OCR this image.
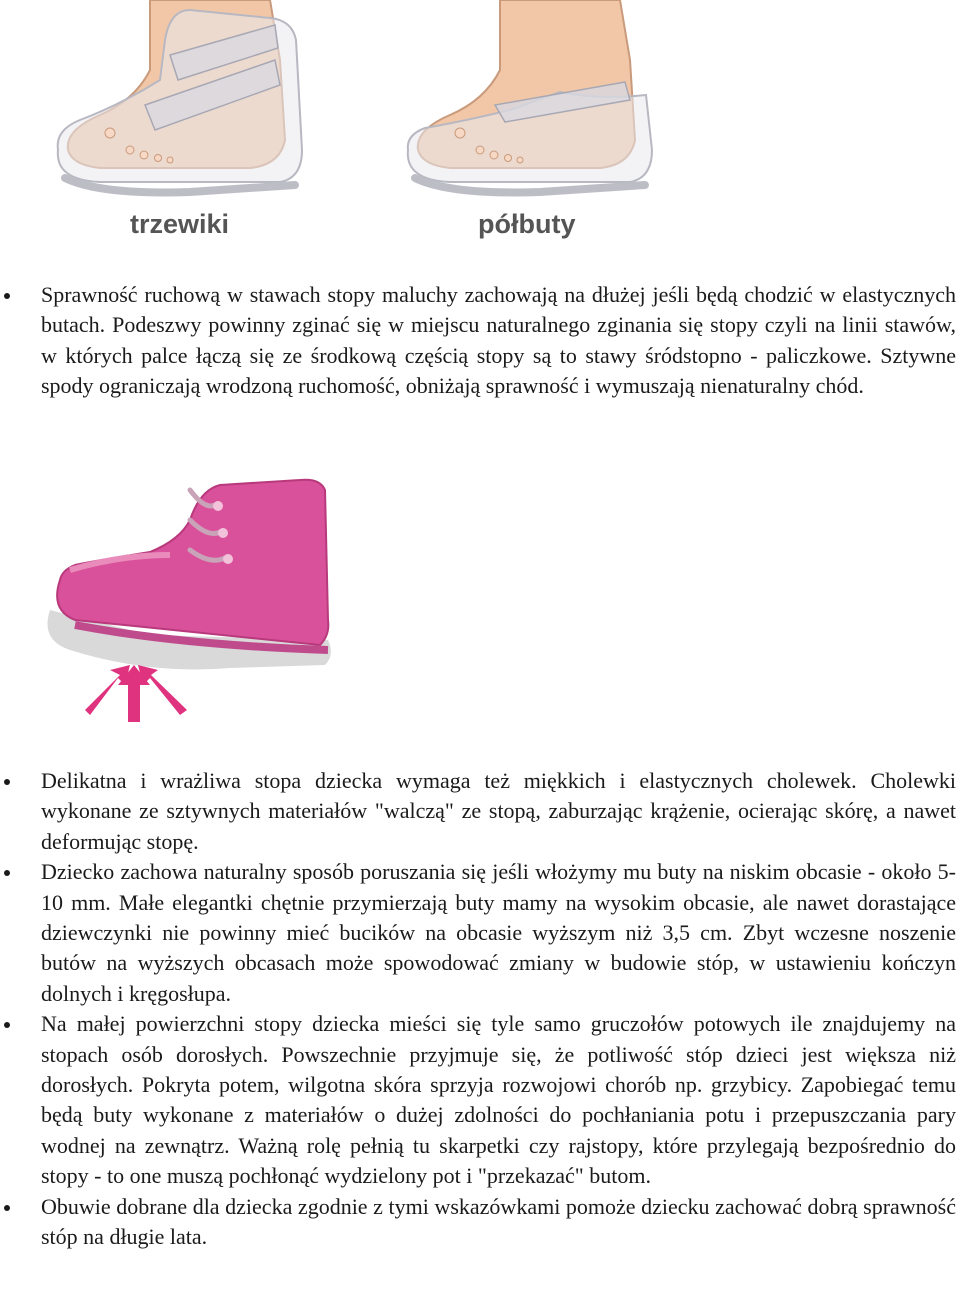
trzewiki	półbuty
Sprawność ruchową w stawach stopy maluchy zachowają na dłużej jeśli będą chodzić w elastycznych butach. Podeszwy powinny zginać się w miejscu naturalnego zginania się stopy czyli na linii stawów, w których palce łączą się ze środkową częścią stopy są to stawy śródstopno - paliczkowe. Sztywne spody ograniczają wrodzoną ruchomość, obniżają sprawność i wymuszają nienaturalny chód.
Delikatna i wrażliwa stopa dziecka wymaga też miękkich i elastycznych cholewek. Cholewki wykonane ze sztywnych materiałów "walczą" ze stopą, zaburzając krążenie, ocierając skórę, a nawet deformując stopę.
Dziecko zachowa naturalny sposób poruszania się jeśli włożymy mu buty na niskim obcasie - około 5-10 mm. Małe elegantki chętnie przymierzają buty mamy na wysokim obcasie, ale nawet dorastające dziewczynki nie powinny mieć bucików na obcasie wyższym niż 3,5 cm. Zbyt wczesne noszenie butów na wyższych obcasach może spowodować zmiany w budowie stóp, w ustawieniu kończyn dolnych i kręgosłupa.
Na małej powierzchni stopy dziecka mieści się tyle samo gruczołów potowych ile znajdujemy na stopach osób dorosłych. Powszechnie przyjmuje się, że potliwość stóp dzieci jest większa niż dorosłych. Pokryta potem, wilgotna skóra sprzyja rozwojowi chorób np. grzybicy. Zapobiegać temu będą buty wykonane z materiałów o dużej zdolności do pochłaniania potu i przepuszczania pary wodnej na zewnątrz. Ważną rolę pełnią tu skarpetki czy rajstopy, które przylegają bezpośrednio do stopy - to one muszą pochłonąć wydzielony pot i "przekazać" butom.
Obuwie dobrane dla dziecka zgodnie z tymi wskazówkami pomoże dziecku zachować dobrą sprawność stóp na długie lata.
